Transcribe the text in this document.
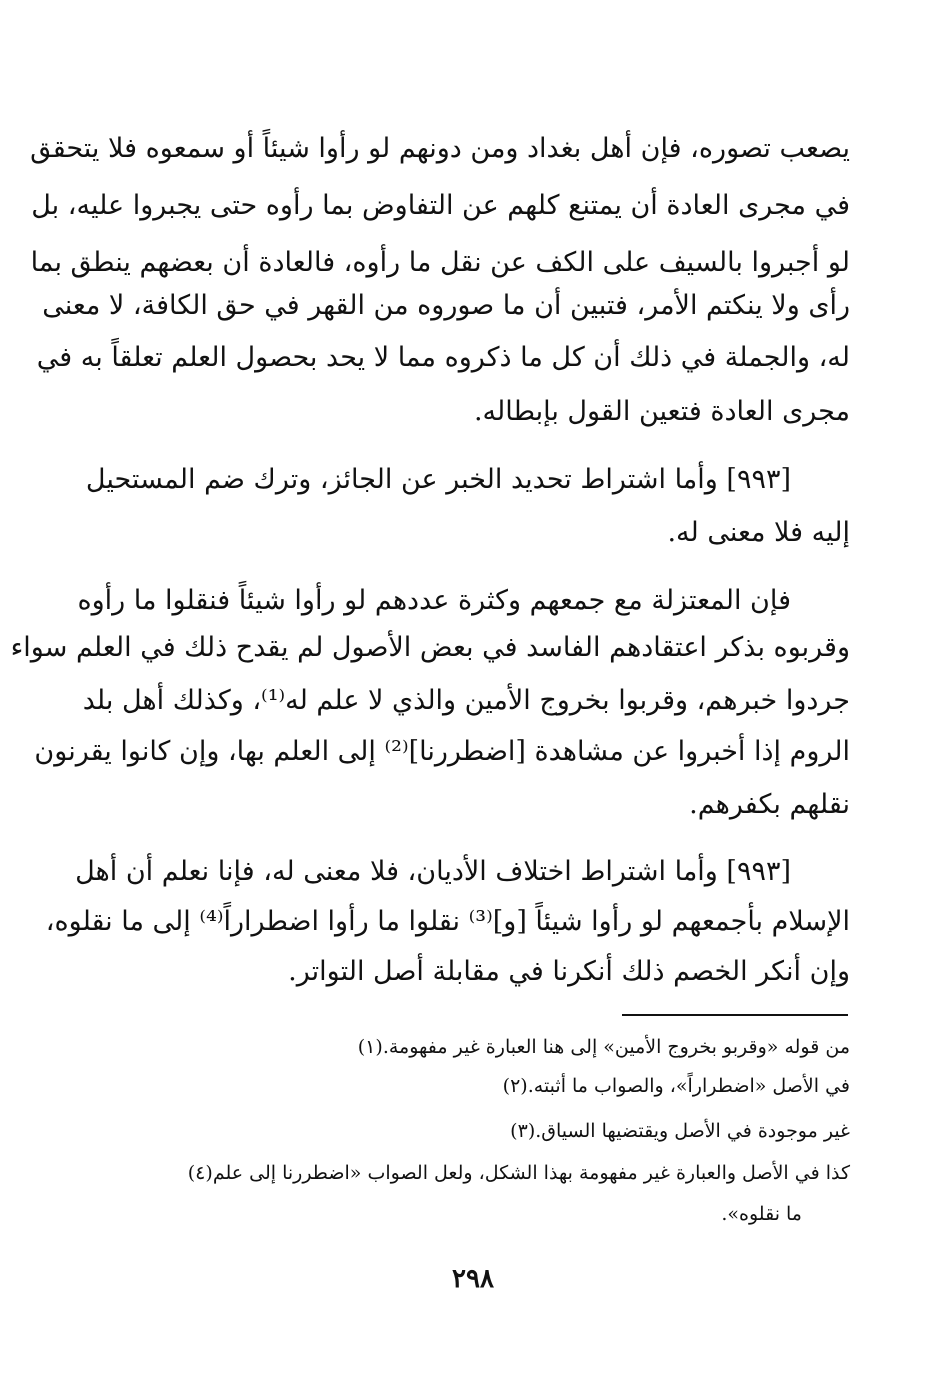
يصعب تصوره، فإن أهل بغداد ومن دونهم لو رأوا شيئاً أو سمعوه فلا يتحقق
في مجرى العادة أن يمتنع كلهم عن التفاوض بما رأوه حتى يجبروا عليه، بل
لو أجبروا بالسيف على الكف عن نقل ما رأوه، فالعادة أن بعضهم ينطق بما
رأى ولا ينكتم الأمر، فتبين أن ما صوروه من القهر في حق الكافة، لا معنى
له، والجملة في ذلك أن كل ما ذكروه مما لا يحد بحصول العلم تعلقاً به في
مجرى العادة فتعين القول بإبطاله.
[٩٩٣] وأما اشتراط تحديد الخبر عن الجائز، وترك ضم المستحيل
إليه فلا معنى له.
فإن المعتزلة مع جمعهم وكثرة عددهم لو رأوا شيئاً فنقلوا ما رأوه
وقربوه بذكر اعتقادهم الفاسد في بعض الأصول لم يقدح ذلك في العلم سواء
جردوا خبرهم، وقربوا بخروج الأمين والذي لا علم له⁽¹⁾، وكذلك أهل بلد
الروم إذا أخبروا عن مشاهدة [اضطررنا]⁽²⁾ إلى العلم بها، وإن كانوا يقرنون
نقلهم بكفرهم.
[٩٩٣] وأما اشتراط اختلاف الأديان، فلا معنى له، فإنا نعلم أن أهل
الإسلام بأجمعهم لو رأوا شيئاً [و]⁽³⁾ نقلوا ما رأوا اضطراراً⁽⁴⁾ إلى ما نقلوه،
وإن أنكر الخصم ذلك أنكرنا في مقابلة أصل التواتر.
(١)من قوله «وقربو بخروج الأمين» إلى هنا العبارة غير مفهومة.
(٢)في الأصل «اضطراراً»، والصواب ما أثبته.
(٣)غير موجودة في الأصل ويقتضيها السياق.
(٤)كذا في الأصل والعبارة غير مفهومة بهذا الشكل، ولعل الصواب «اضطررنا إلى علم
ما نقلوه».
٢٩٨
